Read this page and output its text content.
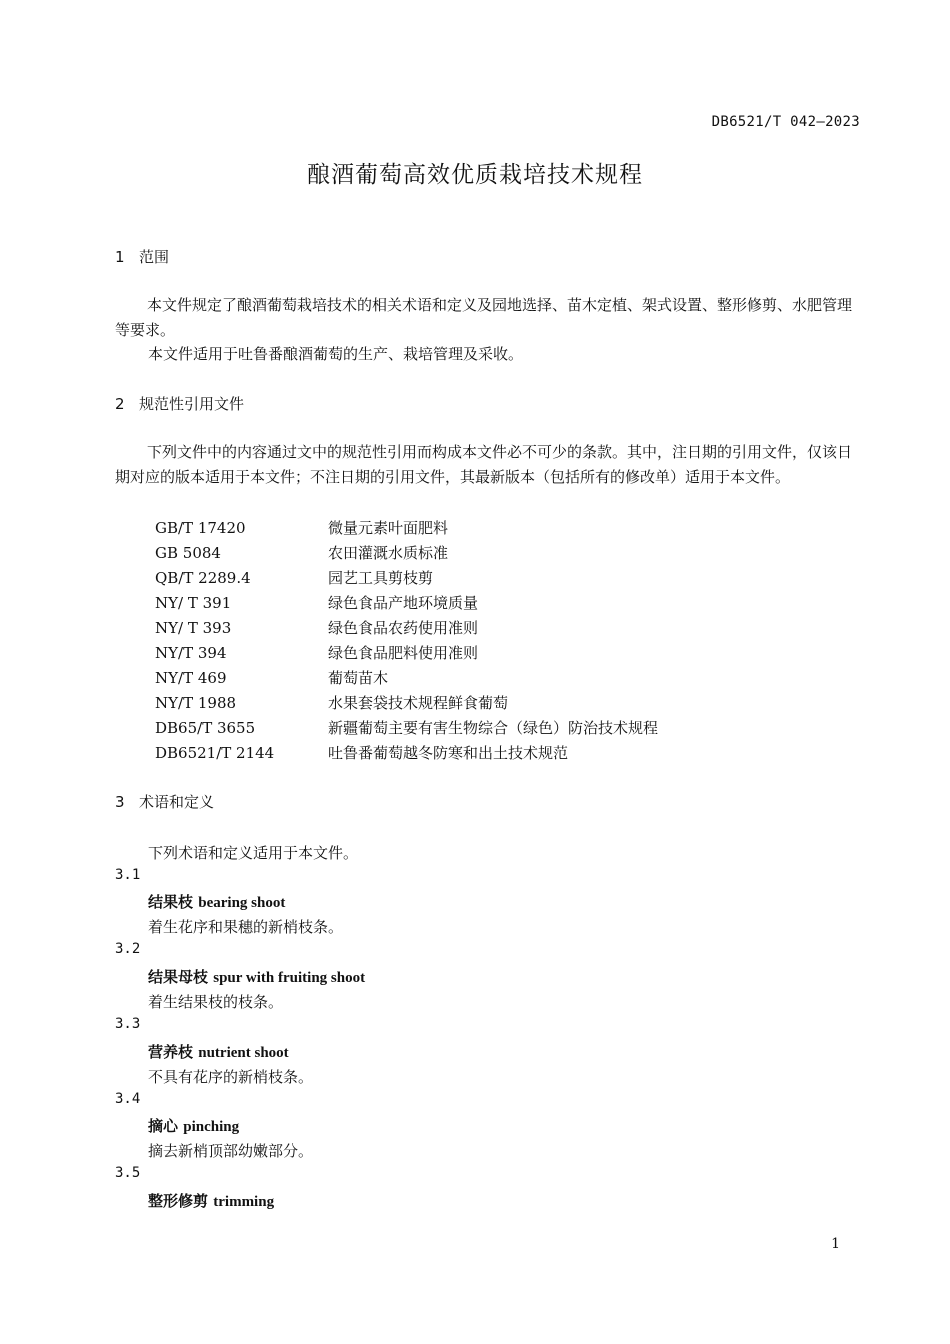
DB6521/T 042—2023
酿酒葡萄高效优质栽培技术规程
1 范围
本文件规定了酿酒葡萄栽培技术的相关术语和定义及园地选择、苗木定植、架式设置、整形修剪、水肥管理等要求。
本文件适用于吐鲁番酿酒葡萄的生产、栽培管理及采收。
2 规范性引用文件
下列文件中的内容通过文中的规范性引用而构成本文件必不可少的条款。其中，注日期的引用文件，仅该日期对应的版本适用于本文件；不注日期的引用文件，其最新版本（包括所有的修改单）适用于本文件。
GB/T 17420	微量元素叶面肥料
GB 5084	农田灌溉水质标准
QB/T 2289.4	园艺工具剪枝剪
NY/ T 391	绿色食品产地环境质量
NY/ T 393	绿色食品农药使用准则
NY/T 394	绿色食品肥料使用准则
NY/T 469	葡萄苗木
NY/T 1988	水果套袋技术规程鲜食葡萄
DB65/T 3655	新疆葡萄主要有害生物综合（绿色）防治技术规程
DB6521/T 2144	吐鲁番葡萄越冬防寒和出土技术规范
3 术语和定义
下列术语和定义适用于本文件。
3.1
结果枝 bearing shoot
着生花序和果穗的新梢枝条。
3.2
结果母枝 spur with fruiting shoot
着生结果枝的枝条。
3.3
营养枝 nutrient shoot
不具有花序的新梢枝条。
3.4
摘心 pinching
摘去新梢顶部幼嫩部分。
3.5
整形修剪 trimming
1
